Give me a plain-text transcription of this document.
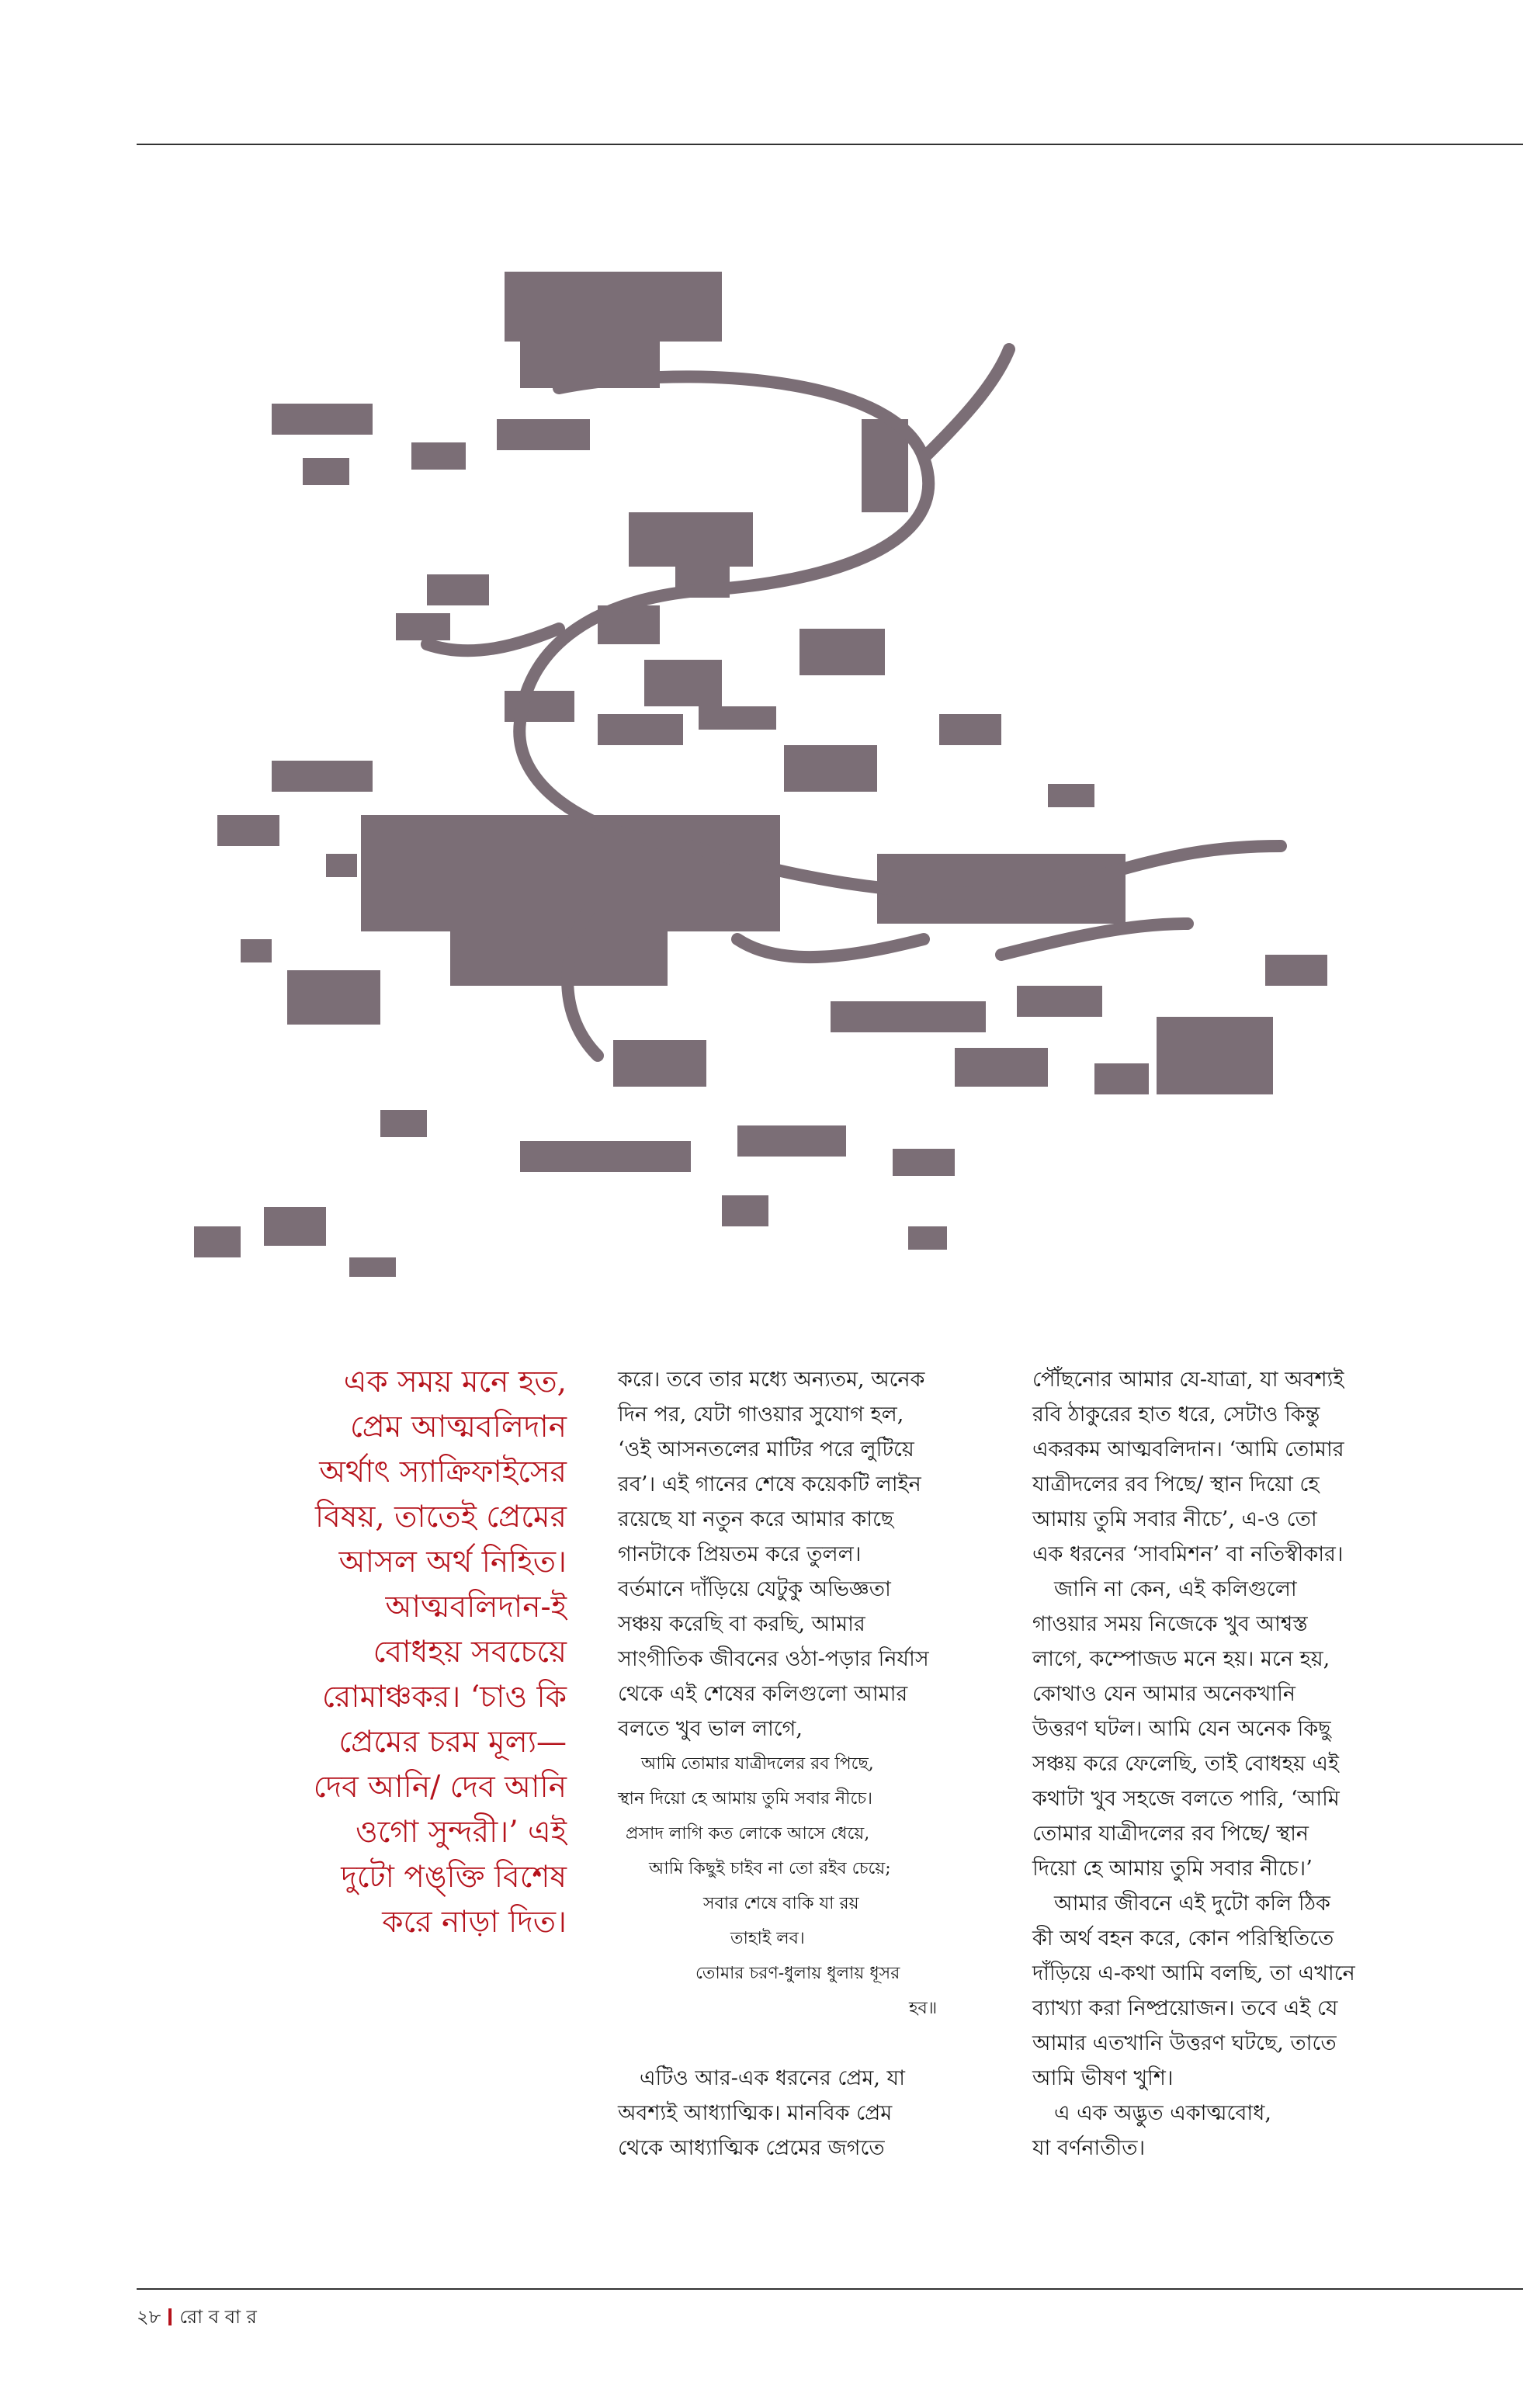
এক সময় মনে হত,
প্রেম আত্মবলিদান
অর্থাৎ স্যাক্রিফাইসের
বিষয়, তাতেই প্রেমের
আসল অর্থ নিহিত।
আত্মবলিদান-ই
বোধহয় সবচেয়ে
রোমাঞ্চকর। ‘চাও কি
প্রেমের চরম মূল্য—
দেব আনি/ দেব আনি
ওগো সুন্দরী।’ এই
দুটো পঙ্‌ক্তি বিশেষ
করে নাড়া দিত।
করে। তবে তার মধ্যে অন্যতম, অনেক
দিন পর, যেটা গাওয়ার সুযোগ হল,
‘ওই আসনতলের মাটির পরে লুটিয়ে
রব’। এই গানের শেষে কয়েকটি লাইন
রয়েছে যা নতুন করে আমার কাছে
গানটাকে প্রিয়তম করে তুলল।
বর্তমানে দাঁড়িয়ে যেটুকু অভিজ্ঞতা
সঞ্চয় করেছি বা করছি, আমার
সাংগীতিক জীবনের ওঠা-পড়ার নির্যাস
থেকে এই শেষের কলিগুলো আমার
বলতে খুব ভাল লাগে,
আমি তোমার যাত্রীদলের রব পিছে,
স্থান দিয়ো হে আমায় তুমি সবার নীচে।
প্রসাদ লাগি কত লোকে আসে ধেয়ে,
আমি কিছুই চাইব না তো রইব চেয়ে;
সবার শেষে বাকি যা রয়
তাহাই লব।
তোমার চরণ-ধুলায় ধুলায় ধূসর
হব॥
এটিও আর-এক ধরনের প্রেম, যা
অবশ্যই আধ্যাত্মিক। মানবিক প্রেম
থেকে আধ্যাত্মিক প্রেমের জগতে
পৌঁছনোর আমার যে-যাত্রা, যা অবশ্যই
রবি ঠাকুরের হাত ধরে, সেটাও কিন্তু
একরকম আত্মবলিদান। ‘আমি তোমার
যাত্রীদলের রব পিছে/ স্থান দিয়ো হে
আমায় তুমি সবার নীচে’, এ-ও তো
এক ধরনের ‘সাবমিশন’ বা নতিস্বীকার।
জানি না কেন, এই কলিগুলো
গাওয়ার সময় নিজেকে খুব আশ্বস্ত
লাগে, কম্পোজড মনে হয়। মনে হয়,
কোথাও যেন আমার অনেকখানি
উত্তরণ ঘটল। আমি যেন অনেক কিছু
সঞ্চয় করে ফেলেছি, তাই বোধহয় এই
কথাটা খুব সহজে বলতে পারি, ‘আমি
তোমার যাত্রীদলের রব পিছে/ স্থান
দিয়ো হে আমায় তুমি সবার নীচে।’
আমার জীবনে এই দুটো কলি ঠিক
কী অর্থ বহন করে, কোন পরিস্থিতিতে
দাঁড়িয়ে এ-কথা আমি বলছি, তা এখানে
ব্যাখ্যা করা নিষ্প্রয়োজন। তবে এই যে
আমার এতখানি উত্তরণ ঘটছে, তাতে
আমি ভীষণ খুশি।
এ এক অদ্ভুত একাত্মবোধ,
যা বর্ণনাতীত।
২৮ রো ব বা র
